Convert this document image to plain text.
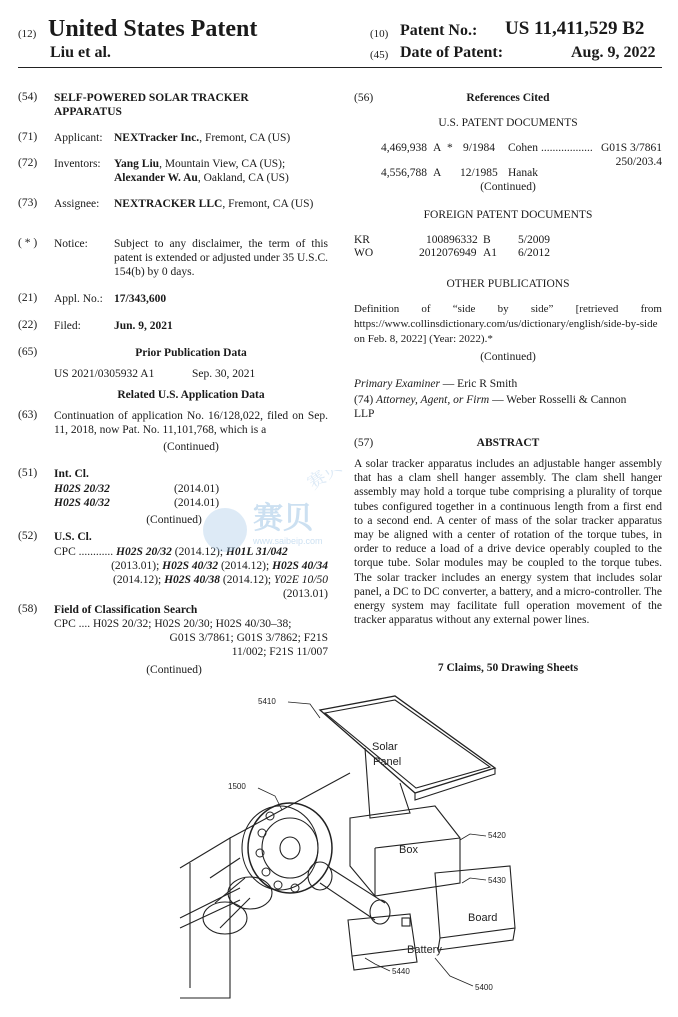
(12) United States Patent
Liu et al.
(10) Patent No.: US 11,411,529 B2
(45) Date of Patent:	Aug. 9, 2022
(54) SELF-POWERED SOLAR TRACKER APPARATUS
(71) Applicant: NEXTracker Inc., Fremont, CA (US)
(72) Inventors: Yang Liu, Mountain View, CA (US);
Alexander W. Au, Oakland, CA (US)
(73) Assignee: NEXTRACKER LLC, Fremont, CA (US)
( * ) Notice: Subject to any disclaimer, the term of this patent is extended or adjusted under 35 U.S.C. 154(b) by 0 days.
(21) Appl. No.: 17/343,600
(22) Filed:	Jun. 9, 2021
(65)	Prior Publication Data
US 2021/0305932 A1	Sep. 30, 2021
Related U.S. Application Data
(63) Continuation of application No. 16/128,022, filed on Sep. 11, 2018, now Pat. No. 11,101,768, which is a
(Continued)
(51) Int. Cl.
H02S 20/32	(2014.01)
H02S 40/32	(2014.01)
(Continued)
(52) U.S. Cl.
CPC ............ H02S 20/32 (2014.12); H01L 31/042
(2013.01); H02S 40/32 (2014.12); H02S 40/34
(2014.12); H02S 40/38 (2014.12); Y02E 10/50
(2013.01)
(58) Field of Classification Search
CPC .... H02S 20/32; H02S 20/30; H02S 40/30–38;
G01S 3/7861; G01S 3/7862; F21S
11/002; F21S 11/007
(Continued)
(56)	References Cited
U.S. PATENT DOCUMENTS
4,469,938 A * 9/1984 Cohen .................. G01S 3/7861
250/203.4
4,556,788 A 12/1985 Hanak
(Continued)
FOREIGN PATENT DOCUMENTS
KR	100896332 B 5/2009
WO	2012076949 A1 6/2012
OTHER PUBLICATIONS
Definition of “side by side” [retrieved from https://www.collinsdictionary.com/us/dictionary/english/side-by-side on Feb. 8, 2022] (Year: 2022).*
(Continued)
Primary Examiner — Eric R Smith
(74) Attorney, Agent, or Firm — Weber Rosselli & Cannon LLP
(57)	ABSTRACT
A solar tracker apparatus includes an adjustable hanger assembly that has a clam shell hanger assembly. The clam shell hanger assembly may hold a torque tube comprising a plurality of torque tubes configured together in a continuous length from a first end to a second end. A center of mass of the solar tracker apparatus may be aligned with a center of rotation of the torque tubes, in order to reduce a load of a drive device operably coupled to the torque tube. Solar modules may be coupled to the torque tubes. The solar tracker includes an energy system that includes solar panel, a DC to DC converter, a battery, and a micro-controller. The energy system may facilitate full operation movement of the tracker apparatus without any external power lines.
7 Claims, 50 Drawing Sheets
赛贝
www.saibeip.com
5410
1500
5420
5430
5440
5400
Solar
Panel
Box
Board
Battery
